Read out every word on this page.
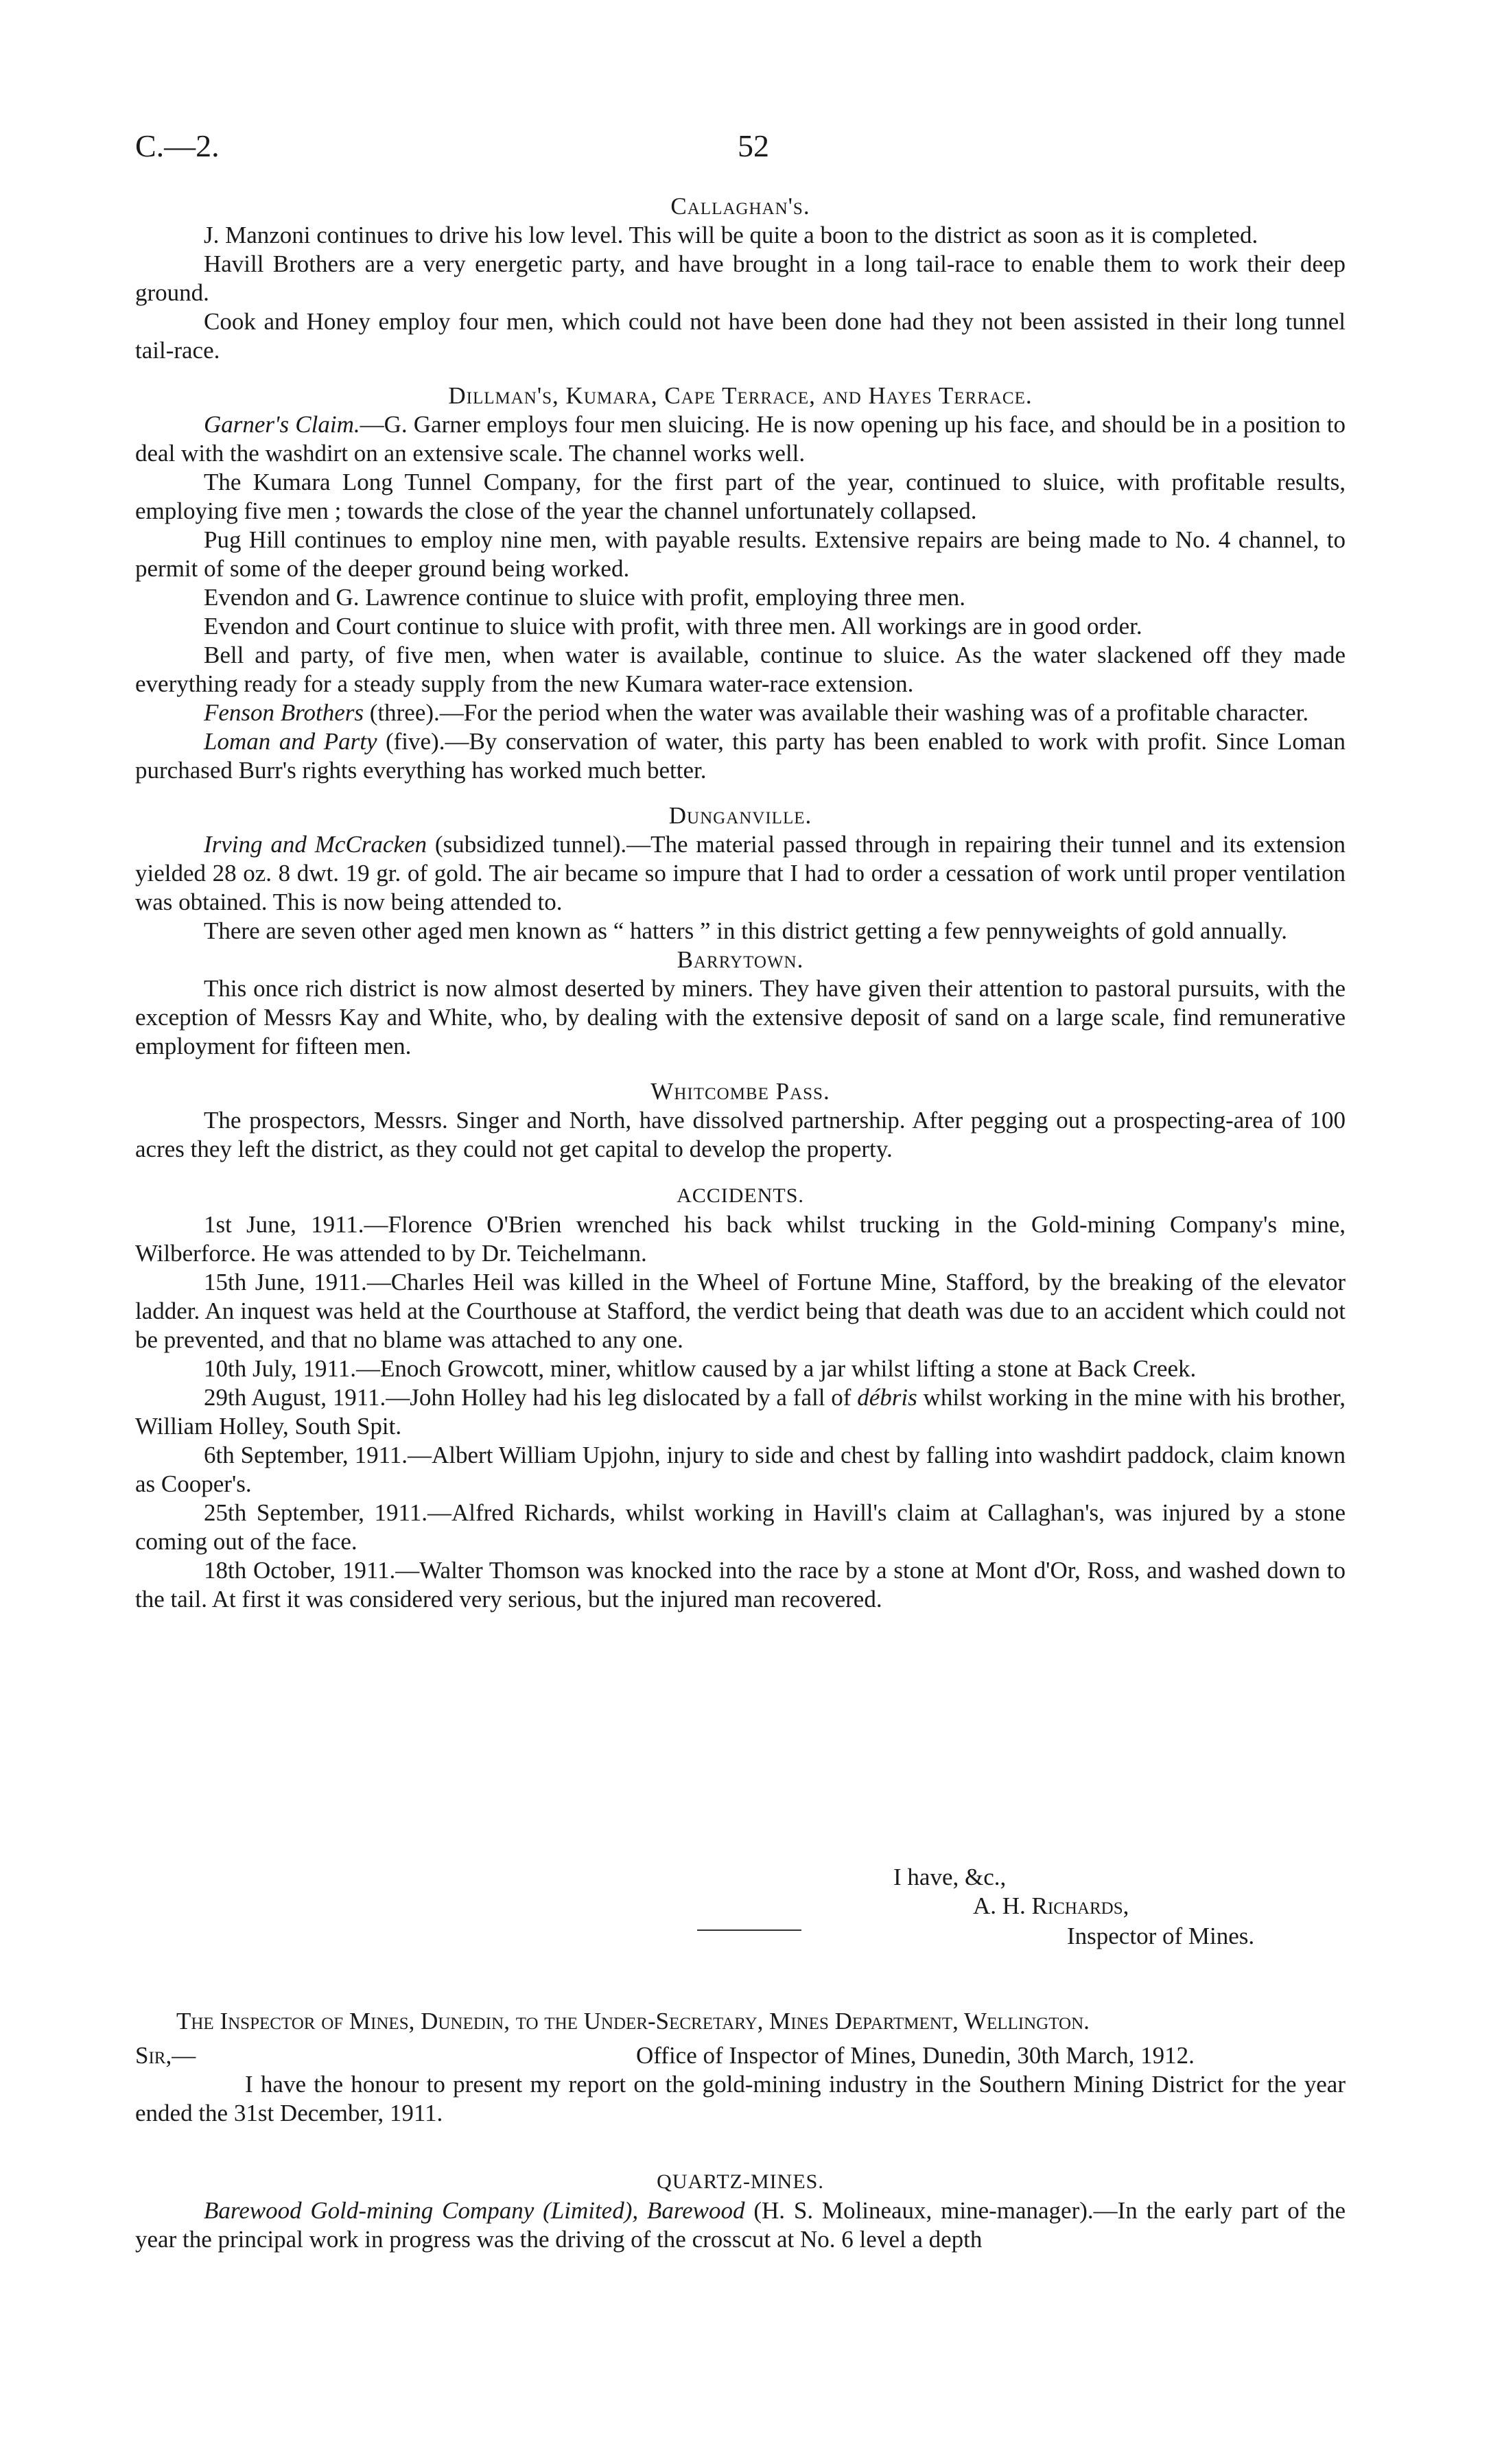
C.—2.	52

Callaghan's.

J. Manzoni continues to drive his low level. This will be quite a boon to the district as soon as it is completed.

Havill Brothers are a very energetic party, and have brought in a long tail-race to enable them to work their deep ground.

Cook and Honey employ four men, which could not have been done had they not been assisted in their long tunnel tail-race.

Dillman's, Kumara, Cape Terrace, and Hayes Terrace.

Garner's Claim.—G. Garner employs four men sluicing. He is now opening up his face, and should be in a position to deal with the washdirt on an extensive scale. The channel works well.

The Kumara Long Tunnel Company, for the first part of the year, continued to sluice, with profitable results, employing five men ; towards the close of the year the channel unfortunately collapsed.

Pug Hill continues to employ nine men, with payable results. Extensive repairs are being made to No. 4 channel, to permit of some of the deeper ground being worked.

Evendon and G. Lawrence continue to sluice with profit, employing three men.

Evendon and Court continue to sluice with profit, with three men. All workings are in good order.

Bell and party, of five men, when water is available, continue to sluice. As the water slackened off they made everything ready for a steady supply from the new Kumara water-race extension.

Fenson Brothers (three).—For the period when the water was available their washing was of a profitable character.

Loman and Party (five).—By conservation of water, this party has been enabled to work with profit. Since Loman purchased Burr's rights everything has worked much better.

Dunganville.

Irving and McCracken (subsidized tunnel).—The material passed through in repairing their tunnel and its extension yielded 28 oz. 8 dwt. 19 gr. of gold. The air became so impure that I had to order a cessation of work until proper ventilation was obtained. This is now being attended to.

There are seven other aged men known as “ hatters ” in this district getting a few pennyweights of gold annually.

Barrytown.

This once rich district is now almost deserted by miners. They have given their attention to pastoral pursuits, with the exception of Messrs Kay and White, who, by dealing with the extensive deposit of sand on a large scale, find remunerative employment for fifteen men.

Whitcombe Pass.

The prospectors, Messrs. Singer and North, have dissolved partnership. After pegging out a prospecting-area of 100 acres they left the district, as they could not get capital to develop the property.

ACCIDENTS.

1st June, 1911.—Florence O'Brien wrenched his back whilst trucking in the Gold-mining Company's mine, Wilberforce. He was attended to by Dr. Teichelmann.

15th June, 1911.—Charles Heil was killed in the Wheel of Fortune Mine, Stafford, by the breaking of the elevator ladder. An inquest was held at the Courthouse at Stafford, the verdict being that death was due to an accident which could not be prevented, and that no blame was attached to any one.

10th July, 1911.—Enoch Growcott, miner, whitlow caused by a jar whilst lifting a stone at Back Creek.

29th August, 1911.—John Holley had his leg dislocated by a fall of débris whilst working in the mine with his brother, William Holley, South Spit.

6th September, 1911.—Albert William Upjohn, injury to side and chest by falling into washdirt paddock, claim known as Cooper's.

25th September, 1911.—Alfred Richards, whilst working in Havill's claim at Callaghan's, was injured by a stone coming out of the face.

18th October, 1911.—Walter Thomson was knocked into the race by a stone at Mont d'Or, Ross, and washed down to the tail. At first it was considered very serious, but the injured man recovered.

I have, &c.,
A. H. Richards,
Inspector of Mines.

The Inspector of Mines, Dunedin, to the Under-Secretary, Mines Department, Wellington.

Sir,—	Office of Inspector of Mines, Dunedin, 30th March, 1912.

I have the honour to present my report on the gold-mining industry in the Southern Mining District for the year ended the 31st December, 1911.

QUARTZ-MINES.

Barewood Gold-mining Company (Limited), Barewood (H. S. Molineaux, mine-manager).—In the early part of the year the principal work in progress was the driving of the crosscut at No. 6 level a depth
